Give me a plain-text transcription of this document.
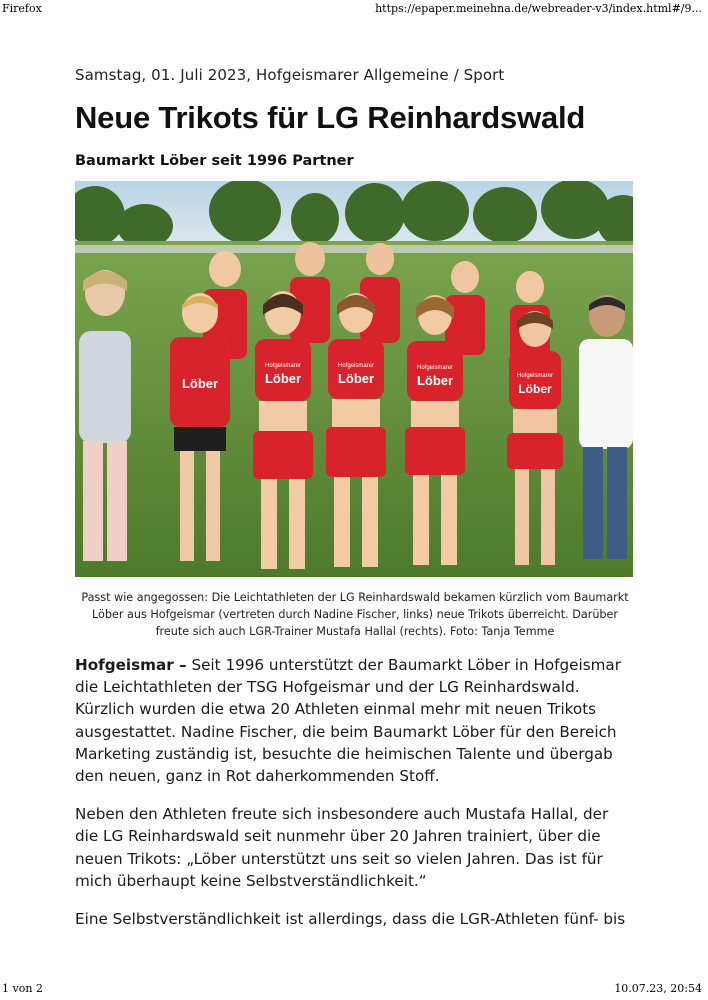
Firefox	https://epaper.meinehna.de/webreader-v3/index.html#/9...
Samstag, 01. Juli 2023, Hofgeismarer Allgemeine / Sport
Neue Trikots für LG Reinhardswald
Baumarkt Löber seit 1996 Partner
Löber
Hofgeismarer
Löber
Hofgeismarer
Löber
Hofgeismarer
Löber	Hofgeismarer
Löber
Passt wie angegossen: Die Leichtathleten der LG Reinhardswald bekamen kürzlich vom Baumarkt Löber aus Hofgeismar (vertreten durch Nadine Fischer, links) neue Trikots überreicht. Darüber freute sich auch LGR-Trainer Mustafa Hallal (rechts). Foto: Tanja Temme

Hofgeismar – Seit 1996 unterstützt der Baumarkt Löber in Hofgeismar die Leichtathleten der TSG Hofgeismar und der LG Reinhardswald. Kürzlich wurden die etwa 20 Athleten einmal mehr mit neuen Trikots ausgestattet. Nadine Fischer, die beim Baumarkt Löber für den Bereich Marketing zuständig ist, besuchte die heimischen Talente und übergab den neuen, ganz in Rot daherkommenden Stoff.

Neben den Athleten freute sich insbesondere auch Mustafa Hallal, der die LG Reinhardswald seit nunmehr über 20 Jahren trainiert, über die neuen Trikots: „Löber unterstützt uns seit so vielen Jahren. Das ist für mich überhaupt keine Selbstverständlichkeit.“

Eine Selbstverständlichkeit ist allerdings, dass die LGR-Athleten fünf- bis

1 von 2	10.07.23, 20:54
